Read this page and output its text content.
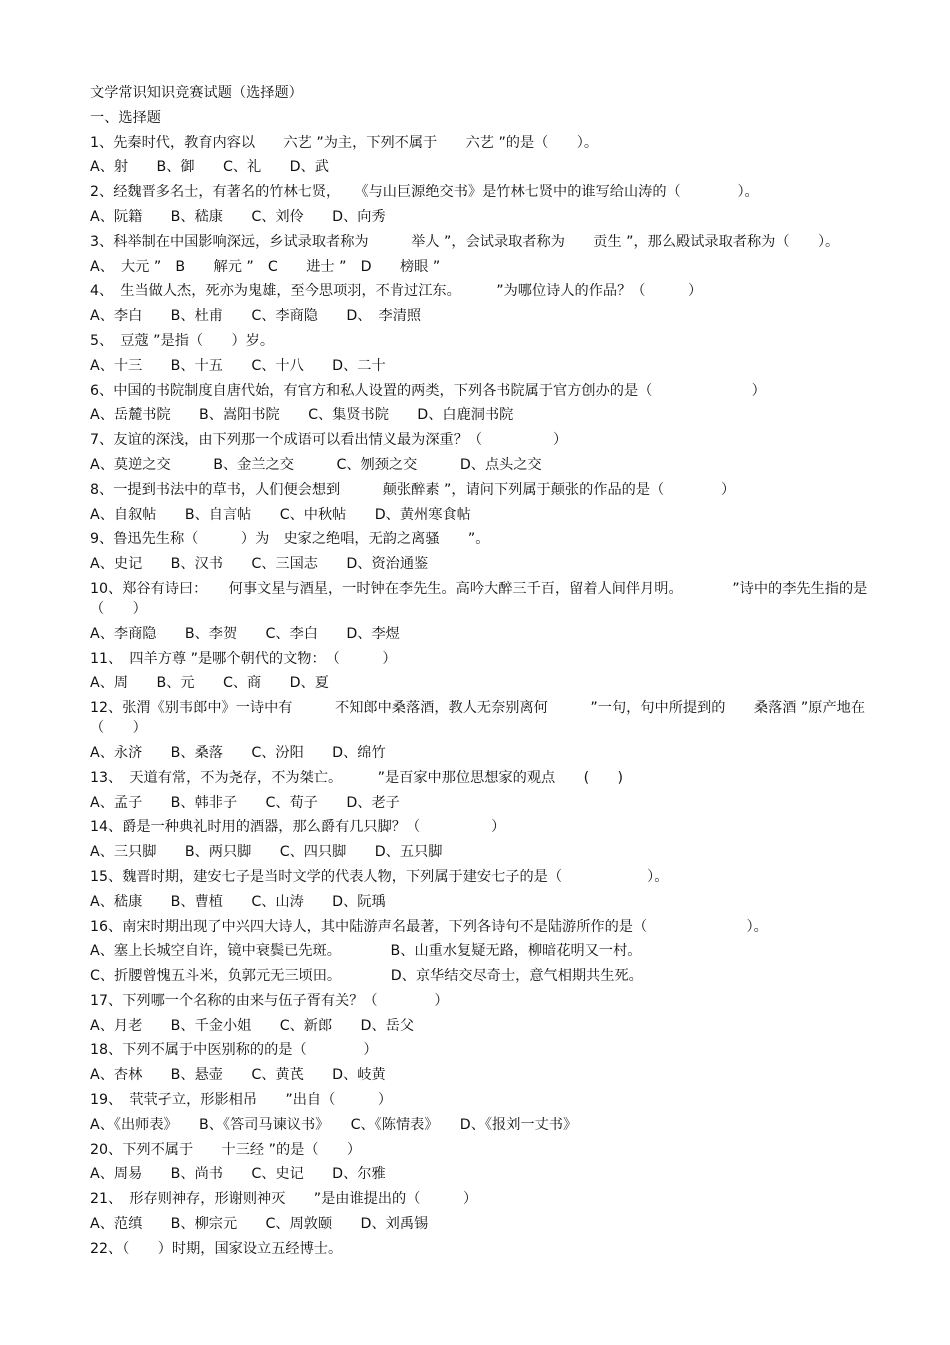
文学常识知识竞赛试题（选择题）
一、选择题
1、先秦时代，教育内容以　　六艺 ”为主，下列不属于　　六艺 ”的是（　　）。
A、射　　B、御　　C、礼　　D、武
2、经魏晋多名士，有著名的竹林七贤，　　《与山巨源绝交书》是竹林七贤中的谁写给山涛的（　　　　）。
A、阮籍　　B、嵇康　　C、刘伶　　D、向秀
3、科举制在中国影响深远，乡试录取者称为　　　举人 ”，会试录取者称为　　贡生 ”，那么殿试录取者称为（　　）。
A、　大元 ”　B　　解元 ”　C　　进士 ”　D　　榜眼 ”
4、　生当做人杰，死亦为鬼雄，至今思项羽，不肯过江东。　　　”为哪位诗人的作品？（　　　）
A、李白　　B、杜甫　　C、李商隐　　D、　李清照
5、　豆蔻 ”是指（　　）岁。
A、十三　　B、十五　　C、十八　　D、二十
6、中国的书院制度自唐代始，有官方和私人设置的两类，下列各书院属于官方创办的是（　　　　　　　）
A、岳麓书院　　B、嵩阳书院　　C、集贤书院　　D、白鹿洞书院
7、友谊的深浅，由下列那一个成语可以看出情义最为深重？（　　　　　）
A、莫逆之交　　　B、金兰之交　　　C、刎颈之交　　　D、点头之交
8、一提到书法中的草书，人们便会想到　　　颠张醉素 ”，请问下列属于颠张的作品的是（　　　　）
A、自叙帖　　B、自言帖　　C、中秋帖　　D、黄州寒食帖
9、鲁迅先生称（　　　）为　史家之绝唱，无韵之离骚　　”。
A、史记　　B、汉书　　C、三国志　　D、资治通鉴
10、郑谷有诗曰：　　何事文星与酒星，一时钟在李先生。高吟大醉三千百，留着人间伴月明。　　　　”诗中的李先生指的是（　　）
A、李商隐　　B、李贺　　C、李白　　D、李煜
11、　四羊方尊 ”是哪个朝代的文物：　（　　　）
A、周　　B、元　　C、商　　D、夏
12、张渭《别韦郎中》一诗中有　　　不知郎中桑落酒，教人无奈别离何　　　”一句，句中所提到的　　桑落酒 ”原产地在（　　）
A、永济　　B、桑落　　C、汾阳　　D、绵竹
13、　天道有常，不为尧存，不为桀亡。　　　”是百家中那位思想家的观点　　(　　)
A、孟子　　B、韩非子　　C、荀子　　D、老子
14、爵是一种典礼时用的酒器，那么爵有几只脚？（　　　　　）
A、三只脚　　B、两只脚　　C、四只脚　　D、五只脚
15、魏晋时期，建安七子是当时文学的代表人物，下列属于建安七子的是（　　　　　　）。
A、嵇康　　B、曹植　　C、山涛　　D、阮瑀
16、南宋时期出现了中兴四大诗人，其中陆游声名最著，下列各诗句不是陆游所作的是（　　　　　　　）。
A、塞上长城空自许，镜中衰鬓已先斑。　　　　B、山重水复疑无路，柳暗花明又一村。
C、折腰曾愧五斗米，负郭元无三顷田。　　　　D、京华结交尽奇士，意气相期共生死。
17、下列哪一个名称的由来与伍子胥有关？（　　　　）
A、月老　　B、千金小姐　　C、新郎　　D、岳父
18、下列不属于中医别称的的是（　　　　）
A、杏林　　B、悬壶　　C、黄芪　　D、岐黄
19、　茕茕孑立，形影相吊　　”出自（　　　）
A、《出师表》　　B、《答司马谏议书》　　C、《陈情表》　　D、《报刘一丈书》
20、下列不属于　　十三经 ”的是（　　）
A、周易　　B、尚书　　C、史记　　D、尔雅
21、　形存则神存，形谢则神灭　　”是由谁提出的（　　　）
A、范缜　　B、柳宗元　　C、周敦颐　　D、刘禹锡
22、（　　）时期，国家设立五经博士。
